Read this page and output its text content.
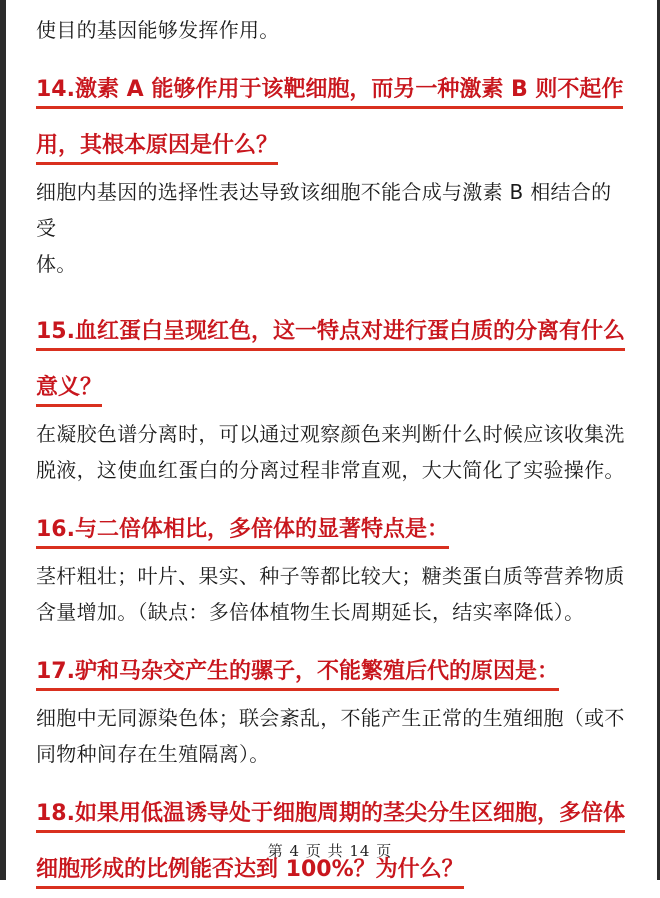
使目的基因能够发挥作用。

14.激素 A 能够作用于该靶细胞，而另一种激素 B 则不起作
用，其根本原因是什么？

细胞内基因的选择性表达导致该细胞不能合成与激素 B 相结合的受
体。

15.血红蛋白呈现红色，这一特点对进行蛋白质的分离有什么
意义？

在凝胶色谱分离时，可以通过观察颜色来判断什么时候应该收集洗
脱液，这使血红蛋白的分离过程非常直观，大大简化了实验操作。

16.与二倍体相比，多倍体的显著特点是：

茎杆粗壮；叶片、果实、种子等都比较大；糖类蛋白质等营养物质
含量增加。（缺点：多倍体植物生长周期延长，结实率降低）。

17.驴和马杂交产生的骡子，不能繁殖后代的原因是：

细胞中无同源染色体；联会紊乱，不能产生正常的生殖细胞（或不
同物种间存在生殖隔离）。

18.如果用低温诱导处于细胞周期的茎尖分生区细胞，多倍体
细胞形成的比例能否达到 100%？为什么？

第 4 页 共 14 页
